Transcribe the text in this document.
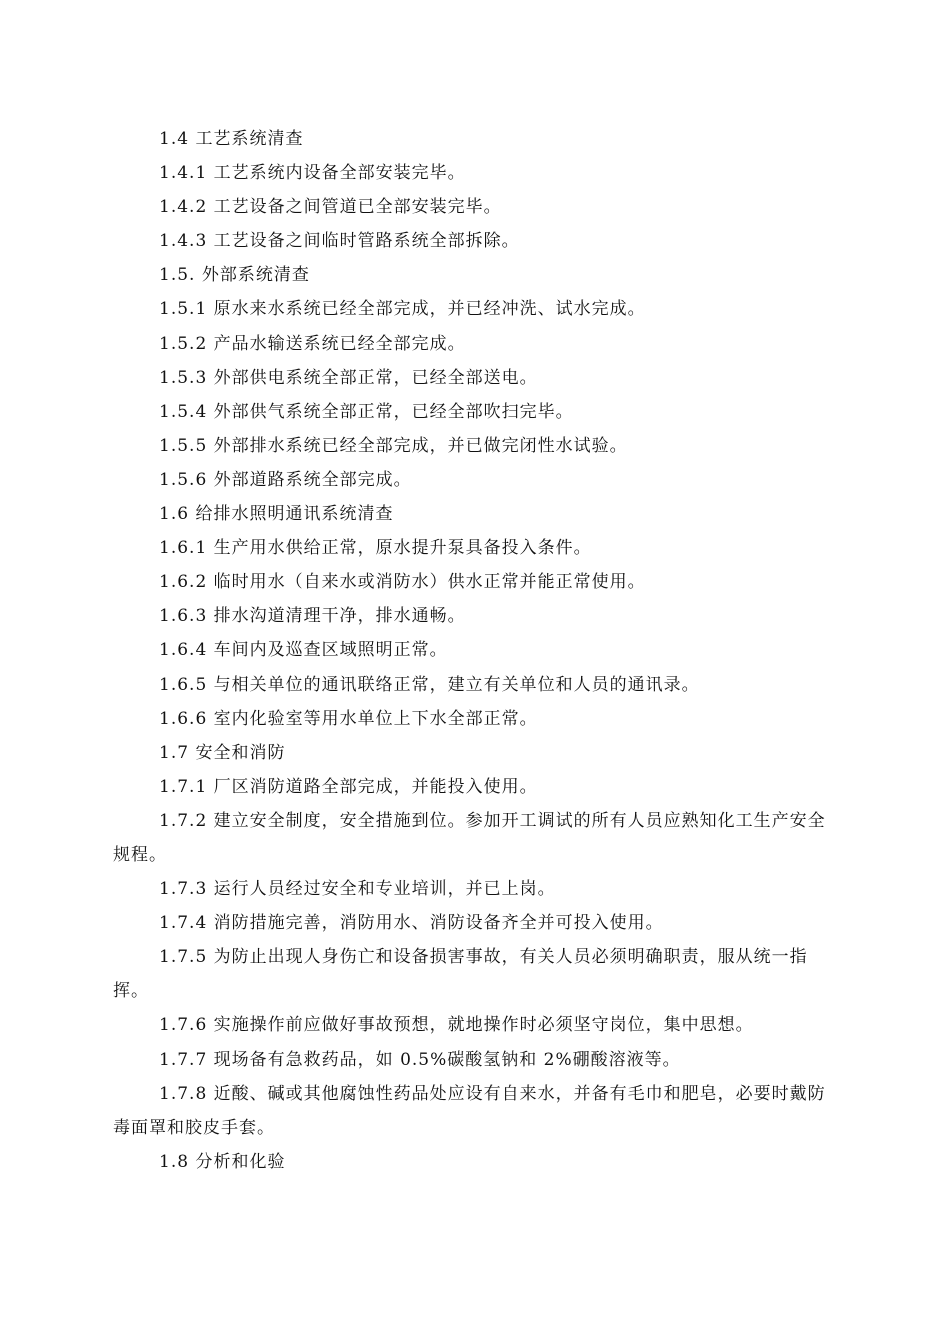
1.4 工艺系统清查

1.4.1 工艺系统内设备全部安装完毕。

1.4.2 工艺设备之间管道已全部安装完毕。

1.4.3 工艺设备之间临时管路系统全部拆除。

1.5. 外部系统清查

1.5.1 原水来水系统已经全部完成，并已经冲洗、试水完成。

1.5.2 产品水输送系统已经全部完成。

1.5.3 外部供电系统全部正常，已经全部送电。

1.5.4 外部供气系统全部正常，已经全部吹扫完毕。

1.5.5 外部排水系统已经全部完成，并已做完闭性水试验。

1.5.6 外部道路系统全部完成。

1.6 给排水照明通讯系统清查

1.6.1 生产用水供给正常，原水提升泵具备投入条件。

1.6.2 临时用水（自来水或消防水）供水正常并能正常使用。

1.6.3 排水沟道清理干净，排水通畅。

1.6.4 车间内及巡查区域照明正常。

1.6.5 与相关单位的通讯联络正常，建立有关单位和人员的通讯录。

1.6.6 室内化验室等用水单位上下水全部正常。

1.7 安全和消防

1.7.1 厂区消防道路全部完成，并能投入使用。

1.7.2 建立安全制度，安全措施到位。参加开工调试的所有人员应熟知化工生产安全规程。

1.7.3 运行人员经过安全和专业培训，并已上岗。

1.7.4 消防措施完善，消防用水、消防设备齐全并可投入使用。

1.7.5 为防止出现人身伤亡和设备损害事故，有关人员必须明确职责，服从统一指挥。

1.7.6 实施操作前应做好事故预想，就地操作时必须坚守岗位，集中思想。

1.7.7 现场备有急救药品，如 0.5%碳酸氢钠和 2%硼酸溶液等。

1.7.8 近酸、碱或其他腐蚀性药品处应设有自来水，并备有毛巾和肥皂，必要时戴防毒面罩和胶皮手套。

1.8 分析和化验
